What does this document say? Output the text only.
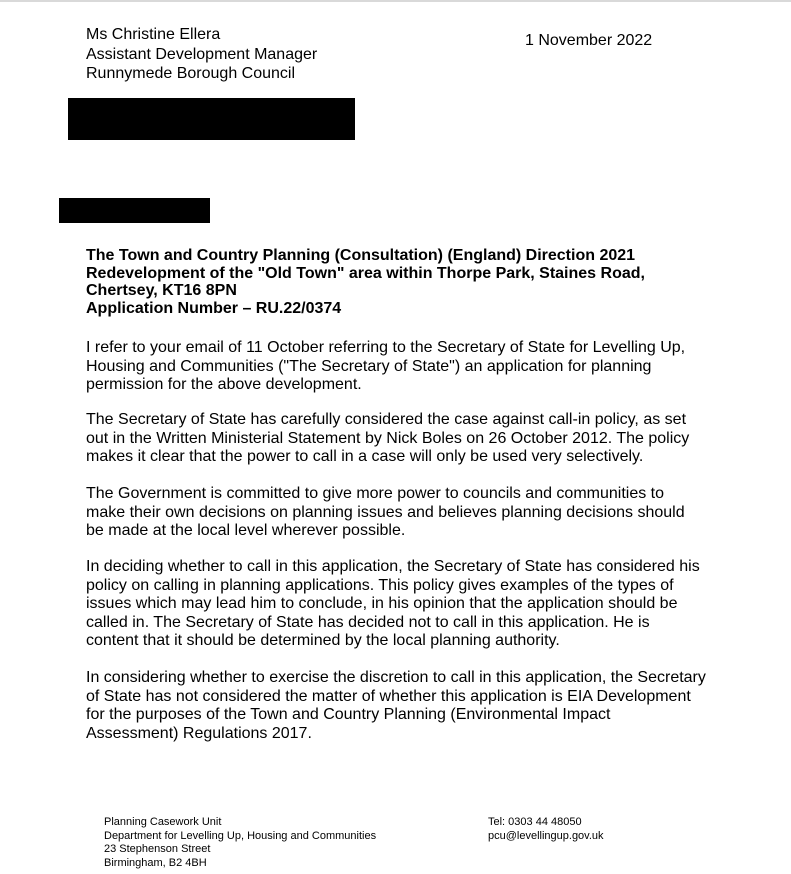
Ms Christine Ellera
Assistant Development Manager
Runnymede Borough Council
1 November 2022
The Town and Country Planning (Consultation) (England) Direction 2021
Redevelopment of the "Old Town" area within Thorpe Park, Staines Road,
Chertsey, KT16 8PN
Application Number – RU.22/0374
I refer to your email of 11 October referring to the Secretary of State for Levelling Up,
Housing and Communities ("The Secretary of State") an application for planning
permission for the above development.
The Secretary of State has carefully considered the case against call-in policy, as set
out in the Written Ministerial Statement by Nick Boles on 26 October 2012. The policy
makes it clear that the power to call in a case will only be used very selectively.
The Government is committed to give more power to councils and communities to
make their own decisions on planning issues and believes planning decisions should
be made at the local level wherever possible.
In deciding whether to call in this application, the Secretary of State has considered his
policy on calling in planning applications. This policy gives examples of the types of
issues which may lead him to conclude, in his opinion that the application should be
called in. The Secretary of State has decided not to call in this application. He is
content that it should be determined by the local planning authority.
In considering whether to exercise the discretion to call in this application, the Secretary
of State has not considered the matter of whether this application is EIA Development
for the purposes of the Town and Country Planning (Environmental Impact
Assessment) Regulations 2017.
Planning Casework Unit
Department for Levelling Up, Housing and Communities
23 Stephenson Street
Birmingham, B2 4BH
Tel: 0303 44 48050
pcu@levellingup.gov.uk
